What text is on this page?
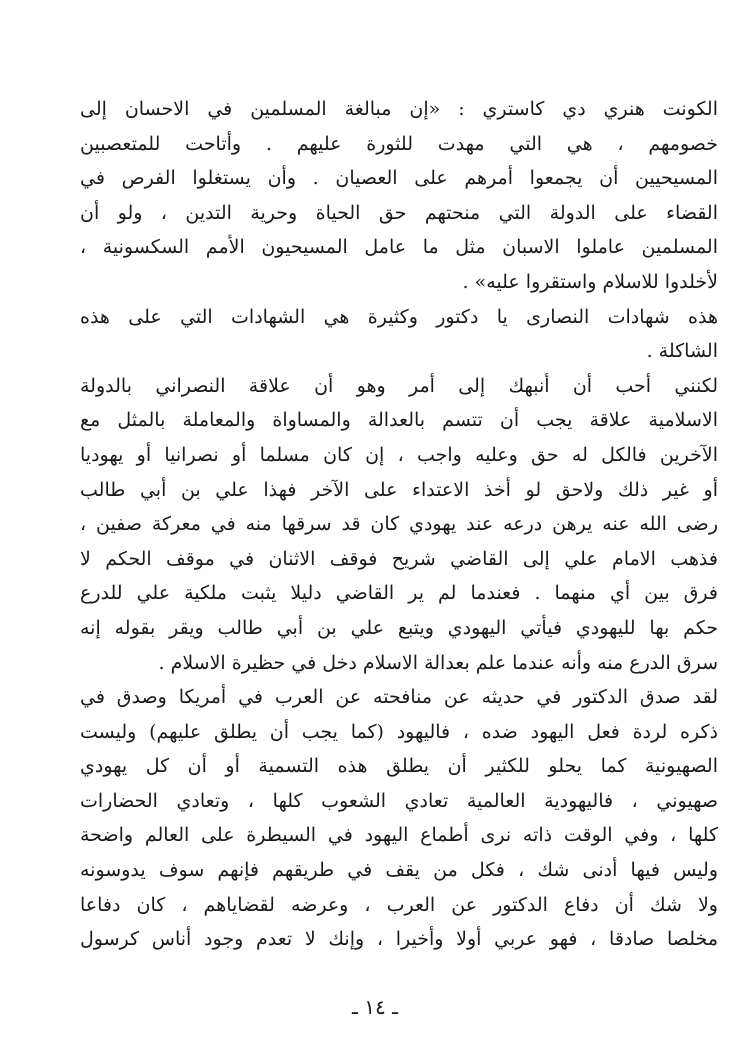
الكونت هنري دي كاستري : «إن مبالغة المسلمين في الاحسان إلى
خصومهم ، هي التي مهدت للثورة عليهم . وأتاحت للمتعصبين
المسيحيين أن يجمعوا أمرهم على العصيان . وأن يستغلوا الفرص في
القضاء على الدولة التي منحتهم حق الحياة وحرية التدين ، ولو أن
المسلمين عاملوا الاسبان مثل ما عامل المسيحيون الأمم السكسونية ،
لأخلدوا للاسلام واستقروا عليه» .
هذه شهادات النصارى يا دكتور وكثيرة هي الشهادات التي على هذه
الشاكلة .
لكنني أحب أن أنبهك إلى أمر وهو أن علاقة النصراني بالدولة
الاسلامية علاقة يجب أن تتسم بالعدالة والمساواة والمعاملة بالمثل مع
الآخرين فالكل له حق وعليه واجب ، إن كان مسلما أو نصرانيا أو يهوديا
أو غير ذلك ولاحق لو أخذ الاعتداء على الآخر فهذا علي بن أبي طالب
رضى الله عنه يرهن درعه عند يهودي كان قد سرقها منه في معركة صفين ،
فذهب الامام علي إلى القاضي شريح فوقف الاثنان في موقف الحكم لا
فرق بين أي منهما . فعندما لم ير القاضي دليلا يثبت ملكية علي للدرع
حكم بها لليهودي فيأتي اليهودي ويتبع علي بن أبي طالب ويقر بقوله إنه
سرق الدرع منه وأنه عندما علم بعدالة الاسلام دخل في حظيرة الاسلام .
لقد صدق الدكتور في حديثه عن منافحته عن العرب في أمريكا وصدق في
ذكره لردة فعل اليهود ضده ، فاليهود (كما يجب أن يطلق عليهم) وليست
الصهيونية كما يحلو للكثير أن يطلق هذه التسمية أو أن كل يهودي
صهيوني ، فاليهودية العالمية تعادي الشعوب كلها ، وتعادي الحضارات
كلها ، وفي الوقت ذاته نرى أطماع اليهود في السيطرة على العالم واضحة
وليس فيها أدنى شك ، فكل من يقف في طريقهم فإنهم سوف يدوسونه
ولا شك أن دفاع الدكتور عن العرب ، وعرضه لقضاياهم ، كان دفاعا
مخلصا صادقا ، فهو عربي أولا وأخيرا ، وإنك لا تعدم وجود أناس كرسول
ـ ١٤ ـ
